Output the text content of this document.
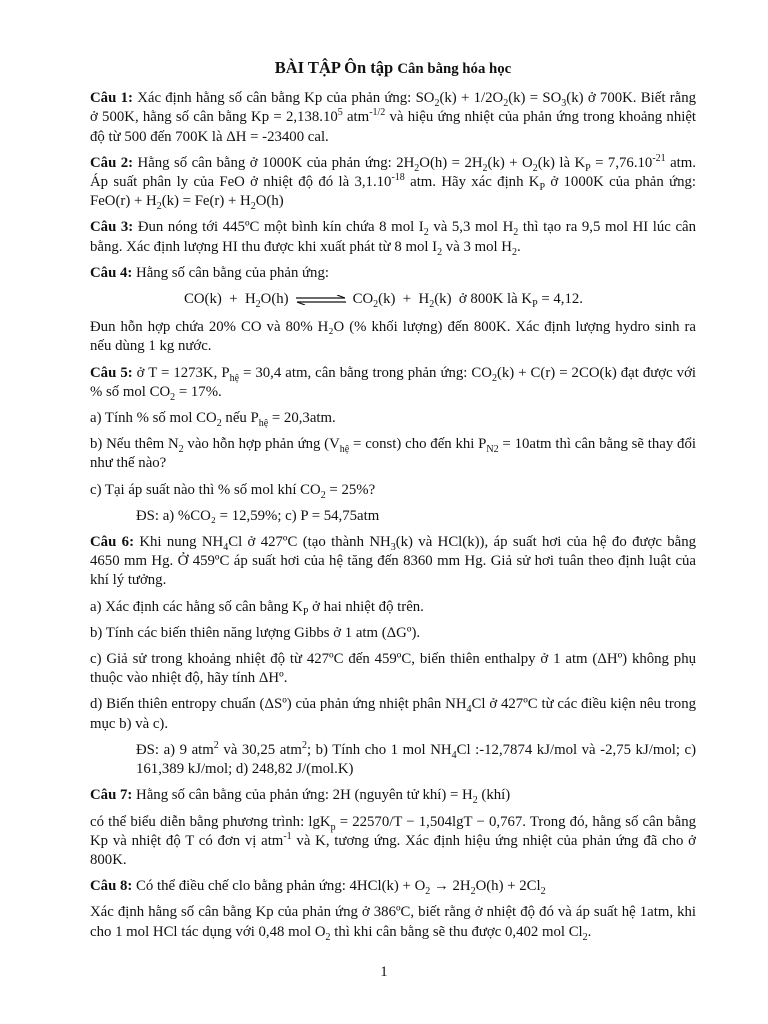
BÀI TẬP Ôn tập Cân bằng hóa học

Câu 1: Xác định hằng số cân bằng Kp của phản ứng: $SO_2(k) + 1/2O_2(k) = SO_3(k)$ ở 700K. Biết rằng ở 500K, hằng số cân bằng $Kp = 2,138.10^5$ atm$^{-1/2}$ và hiệu ứng nhiệt của phản ứng trong khoảng nhiệt độ từ 500 đến 700K là ΔH = -23400 cal.

Câu 2: Hằng số cân bằng ở 1000K của phản ứng: $2H_2O(h) = 2H_2(k) + O_2(k)$ là $K_P = 7,76.10^{-21}$ atm. Áp suất phân ly của FeO ở nhiệt độ đó là $3,1.10^{-18}$ atm. Hãy xác định $K_P$ ở 1000K của phản ứng: $FeO(r) + H_2(k) = Fe(r) + H_2O(h)$

Câu 3: Đun nóng tới 445ºC một bình kín chứa 8 mol $I_2$ và 5,3 mol $H_2$ thì tạo ra 9,5 mol HI lúc cân bằng. Xác định lượng HI thu được khi xuất phát từ 8 mol $I_2$ và 3 mol $H_2$.

Câu 4: Hằng số cân bằng của phản ứng:

$CO(k) + H_2O(h)$ ⇌ $CO_2(k) + H_2(k)$  ở 800K là $K_P = 4,12$.

Đun hỗn hợp chứa 20% CO và 80% H₂O (% khối lượng) đến 800K. Xác định lượng hydro sinh ra nếu dùng 1 kg nước.

Câu 5: ở T = 1273K, $P_{hệ} = 30,4$ atm, cân bằng trong phản ứng: $CO_2(k) + C(r) = 2CO(k)$ đạt được với % số mol $CO_2 = 17\%$.

a) Tính % số mol $CO_2$ nếu $P_{hệ} = 20,3atm$.

b) Nếu thêm $N_2$ vào hỗn hợp phản ứng ($V_{hệ}$ = const) cho đến khi $P_{N2} = 10atm$ thì cân bằng sẽ thay đổi như thế nào?

c) Tại áp suất nào thì % số mol khí $CO_2 = 25\%$?

ĐS: a) %CO₂ = 12,59%; c) P = 54,75atm

Câu 6: Khi nung $NH_4Cl$ ở 427ºC (tạo thành $NH_3(k)$ và HCl(k)), áp suất hơi của hệ đo được bằng 4650 mm Hg. Ở 459ºC áp suất hơi của hệ tăng đến 8360 mm Hg. Giả sử hơi tuân theo định luật của khí lý tưởng.

a) Xác định các hằng số cân bằng $K_P$ ở hai nhiệt độ trên.

b) Tính các biến thiên năng lượng Gibbs ở 1 atm (ΔGº).

c) Giả sử trong khoảng nhiệt độ từ 427ºC đến 459ºC, biến thiên enthalpy ở 1 atm (ΔHº) không phụ thuộc vào nhiệt độ, hãy tính ΔHº.

d) Biến thiên entropy chuẩn (ΔSº) của phản ứng nhiệt phân $NH_4Cl$ ở 427ºC từ các điều kiện nêu trong mục b) và c).

ĐS: a) 9 atm$^2$ và 30,25 atm$^2$; b) Tính cho 1 mol $NH_4Cl$ :-12,7874 kJ/mol và -2,75 kJ/mol; c) 161,389 kJ/mol; d) 248,82 J/(mol.K)

Câu 7: Hằng số cân bằng của phản ứng: 2H (nguyên tử khí) = $H_2$ (khí)

có thể biểu diễn bằng phương trình: lgK$_p$ = 22570/T − 1,504lgT − 0,767. Trong đó, hằng số cân bằng Kp và nhiệt độ T có đơn vị atm$^{-1}$ và K, tương ứng. Xác định hiệu ứng nhiệt của phản ứng đã cho ở 800K.

Câu 8: Có thể điều chế clo bằng phản ứng: $4HCl(k) + O_2 \to 2H_2O(h) + 2Cl_2$

Xác định hằng số cân bằng Kp của phản ứng ở 386ºC, biết rằng ở nhiệt độ đó và áp suất hệ 1atm, khi cho 1 mol HCl tác dụng với 0,48 mol $O_2$ thì khi cân bằng sẽ thu được 0,402 mol $Cl_2$.

1
